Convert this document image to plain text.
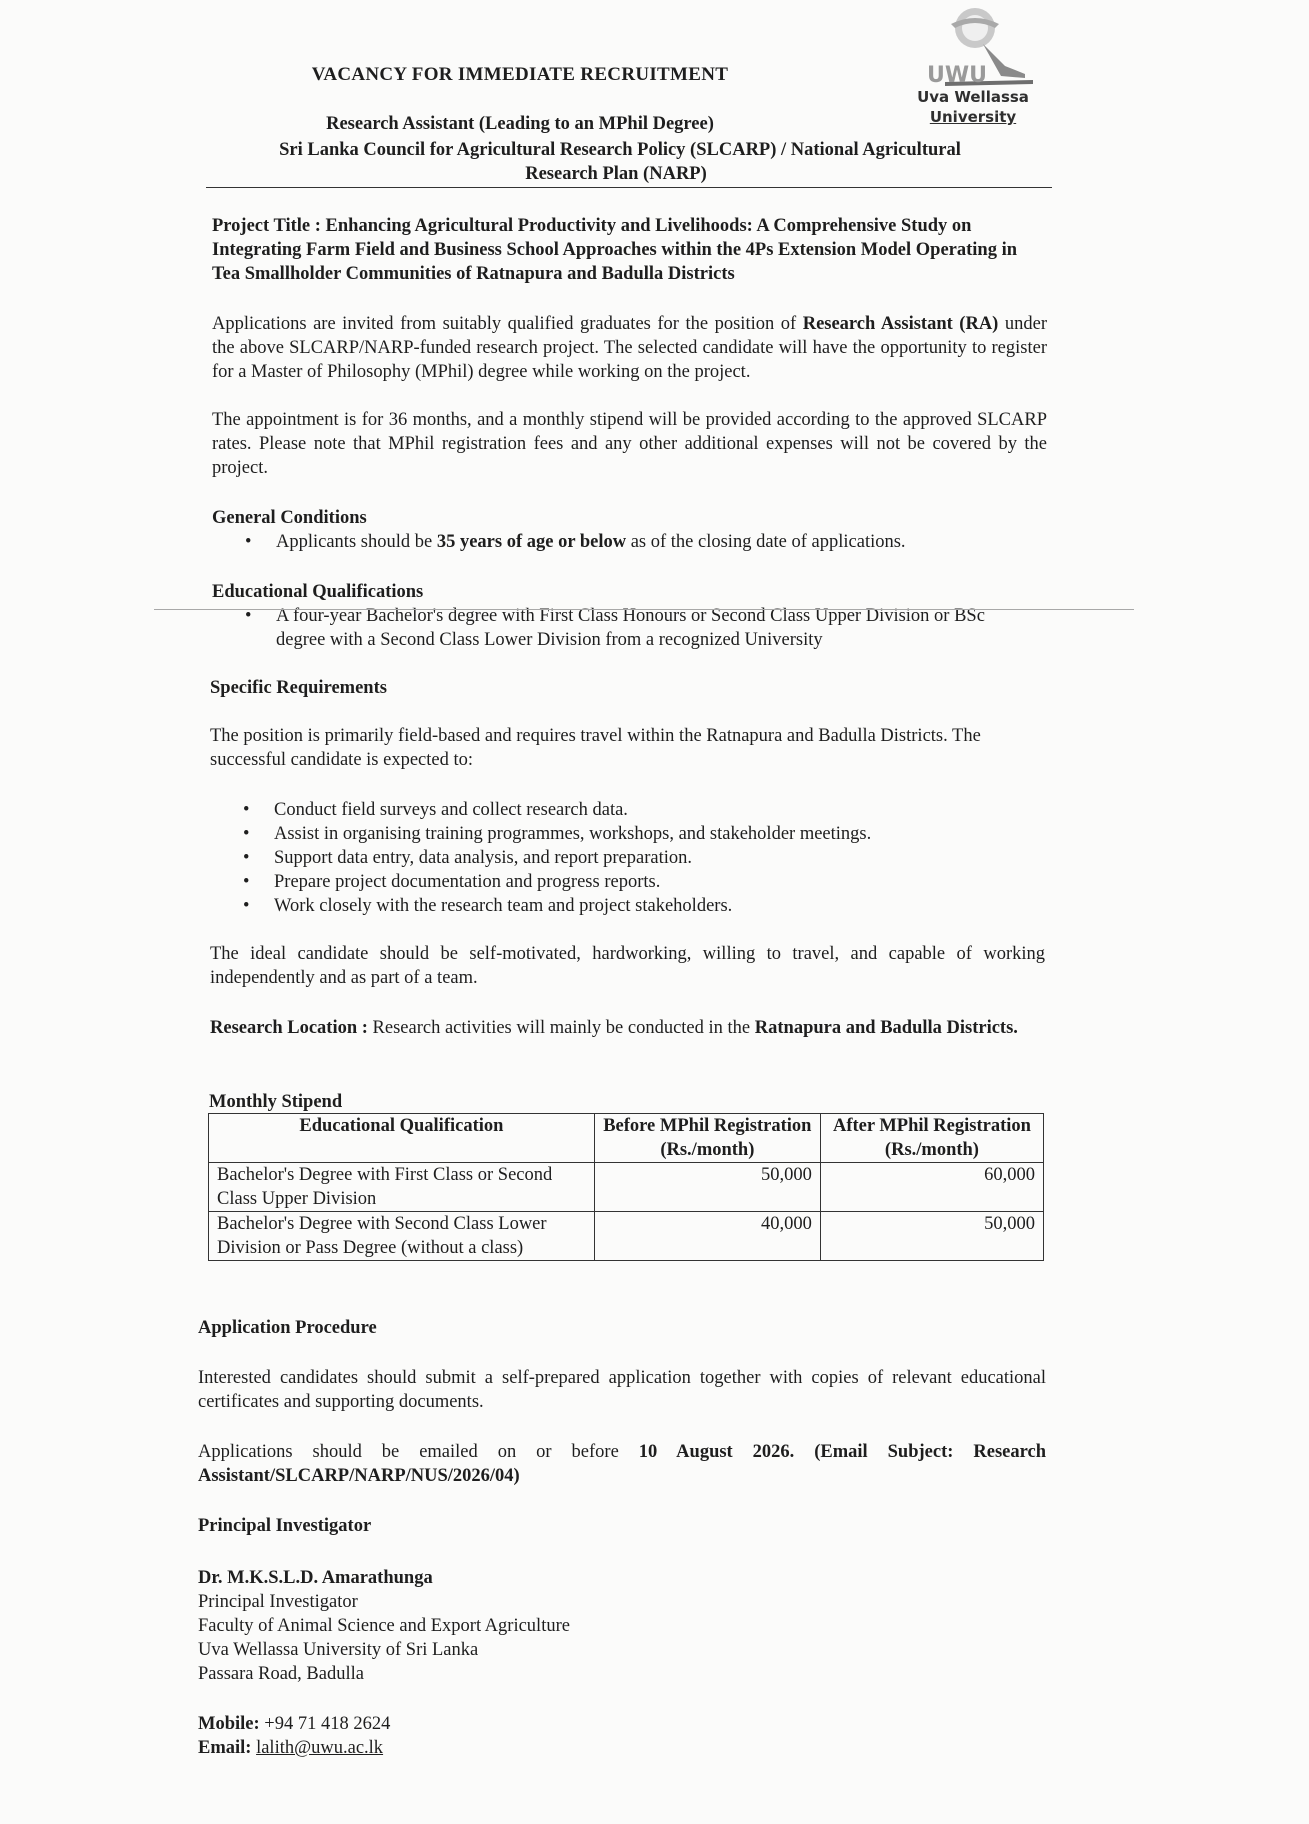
UWU
Uva Wellassa
University
VACANCY FOR IMMEDIATE RECRUITMENT
Research Assistant (Leading to an MPhil Degree)
Sri Lanka Council for Agricultural Research Policy (SLCARP) / National Agricultural
Research Plan (NARP)
Project Title : Enhancing Agricultural Productivity and Livelihoods: A Comprehensive Study on Integrating Farm Field and Business School Approaches within the 4Ps Extension Model Operating in Tea Smallholder Communities of Ratnapura and Badulla Districts
Applications are invited from suitably qualified graduates for the position of Research Assistant (RA) under the above SLCARP/NARP-funded research project. The selected candidate will have the opportunity to register for a Master of Philosophy (MPhil) degree while working on the project.
The appointment is for 36 months, and a monthly stipend will be provided according to the approved SLCARP rates. Please note that MPhil registration fees and any other additional expenses will not be covered by the project.
General Conditions
• Applicants should be 35 years of age or below as of the closing date of applications.
Educational Qualifications
• A four-year Bachelor's degree with First Class Honours or Second Class Upper Division or BSc degree with a Second Class Lower Division from a recognized University
Specific Requirements
The position is primarily field-based and requires travel within the Ratnapura and Badulla Districts. The successful candidate is expected to:
• Conduct field surveys and collect research data.
• Assist in organising training programmes, workshops, and stakeholder meetings.
• Support data entry, data analysis, and report preparation.
• Prepare project documentation and progress reports.
• Work closely with the research team and project stakeholders.
The ideal candidate should be self-motivated, hardworking, willing to travel, and capable of working independently and as part of a team.
Research Location : Research activities will mainly be conducted in the Ratnapura and Badulla Districts.
Monthly Stipend
Educational Qualification	Before MPhil Registration (Rs./month)	After MPhil Registration (Rs./month)
Bachelor's Degree with First Class or Second Class Upper Division	50,000	60,000
Bachelor's Degree with Second Class Lower Division or Pass Degree (without a class)	40,000	50,000
Application Procedure
Interested candidates should submit a self-prepared application together with copies of relevant educational certificates and supporting documents.
Applications should be emailed on or before 10 August 2026. (Email Subject: Research Assistant/SLCARP/NARP/NUS/2026/04)
Principal Investigator
Dr. M.K.S.L.D. Amarathunga
Principal Investigator
Faculty of Animal Science and Export Agriculture
Uva Wellassa University of Sri Lanka
Passara Road, Badulla
Mobile: +94 71 418 2624
Email: lalith@uwu.ac.lk
